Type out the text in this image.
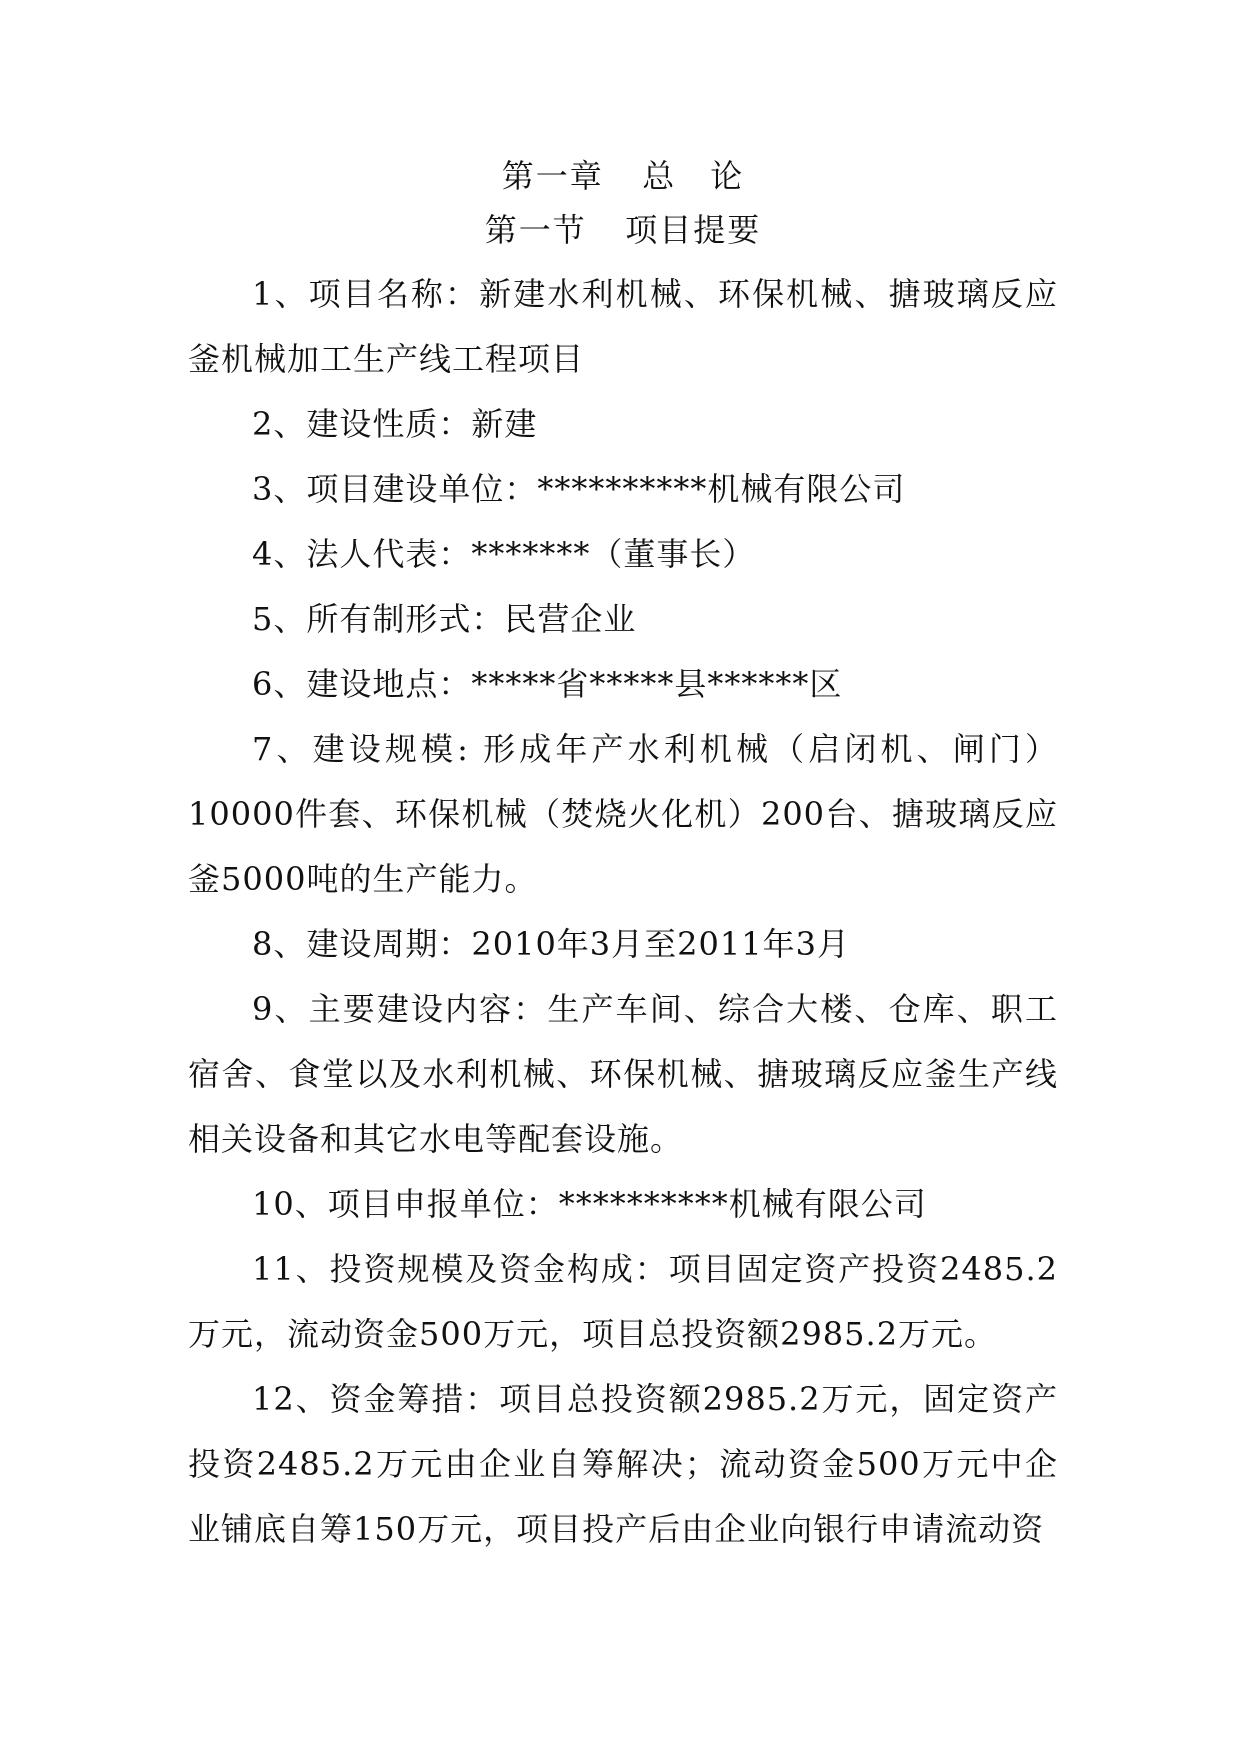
第一章 总　论
第一节 项目提要

1、项目名称：新建水利机械、环保机械、搪玻璃反应釜机械加工生产线工程项目

2、建设性质：新建

3、项目建设单位：**********机械有限公司

4、法人代表：*******（董事长）

5、所有制形式：民营企业

6、建设地点：*****省*****县******区

7、建设规模: 形成年产水利机械（启闭机、闸门）10000件套、环保机械（焚烧火化机）200台、搪玻璃反应釜5000吨的生产能力。

8、建设周期：2010年3月至2011年3月

9、主要建设内容：生产车间、综合大楼、仓库、职工宿舍、食堂以及水利机械、环保机械、搪玻璃反应釜生产线相关设备和其它水电等配套设施。

10、项目申报单位：**********机械有限公司

11、投资规模及资金构成：项目固定资产投资2485.2万元，流动资金500万元，项目总投资额2985.2万元。

12、资金筹措：项目总投资额2985.2万元，固定资产投资2485.2万元由企业自筹解决；流动资金500万元中企业铺底自筹150万元，项目投产后由企业向银行申请流动资
